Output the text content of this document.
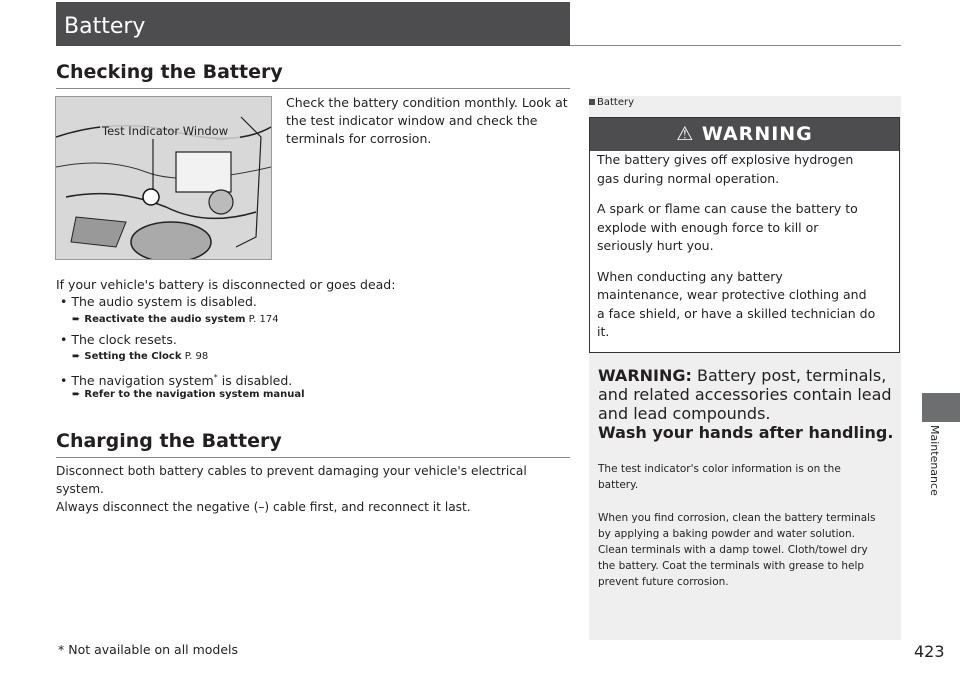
Battery
Checking the Battery
Test Indicator Window
Check the battery condition monthly. Look at
the test indicator window and check the
terminals for corrosion.
If your vehicle's battery is disconnected or goes dead:
• The audio system is disabled.
➨ Reactivate the audio system P. 174
• The clock resets.
➨ Setting the Clock P. 98
• The navigation system* is disabled.
➨ Refer to the navigation system manual
Charging the Battery
Disconnect both battery cables to prevent damaging your vehicle's electrical system.
Always disconnect the negative (–) cable first, and reconnect it last.
Battery
⚠ WARNING
The battery gives off explosive hydrogen
gas during normal operation.
A spark or flame can cause the battery to
explode with enough force to kill or
seriously hurt you.
When conducting any battery
maintenance, wear protective clothing and
a face shield, or have a skilled technician do
it.
WARNING: Battery post, terminals,
and related accessories contain lead
and lead compounds.
Wash your hands after handling.
The test indicator's color information is on the
battery.
When you find corrosion, clean the battery terminals
by applying a baking powder and water solution.
Clean terminals with a damp towel. Cloth/towel dry
the battery. Coat the terminals with grease to help
prevent future corrosion.
Maintenance
* Not available on all models	423
